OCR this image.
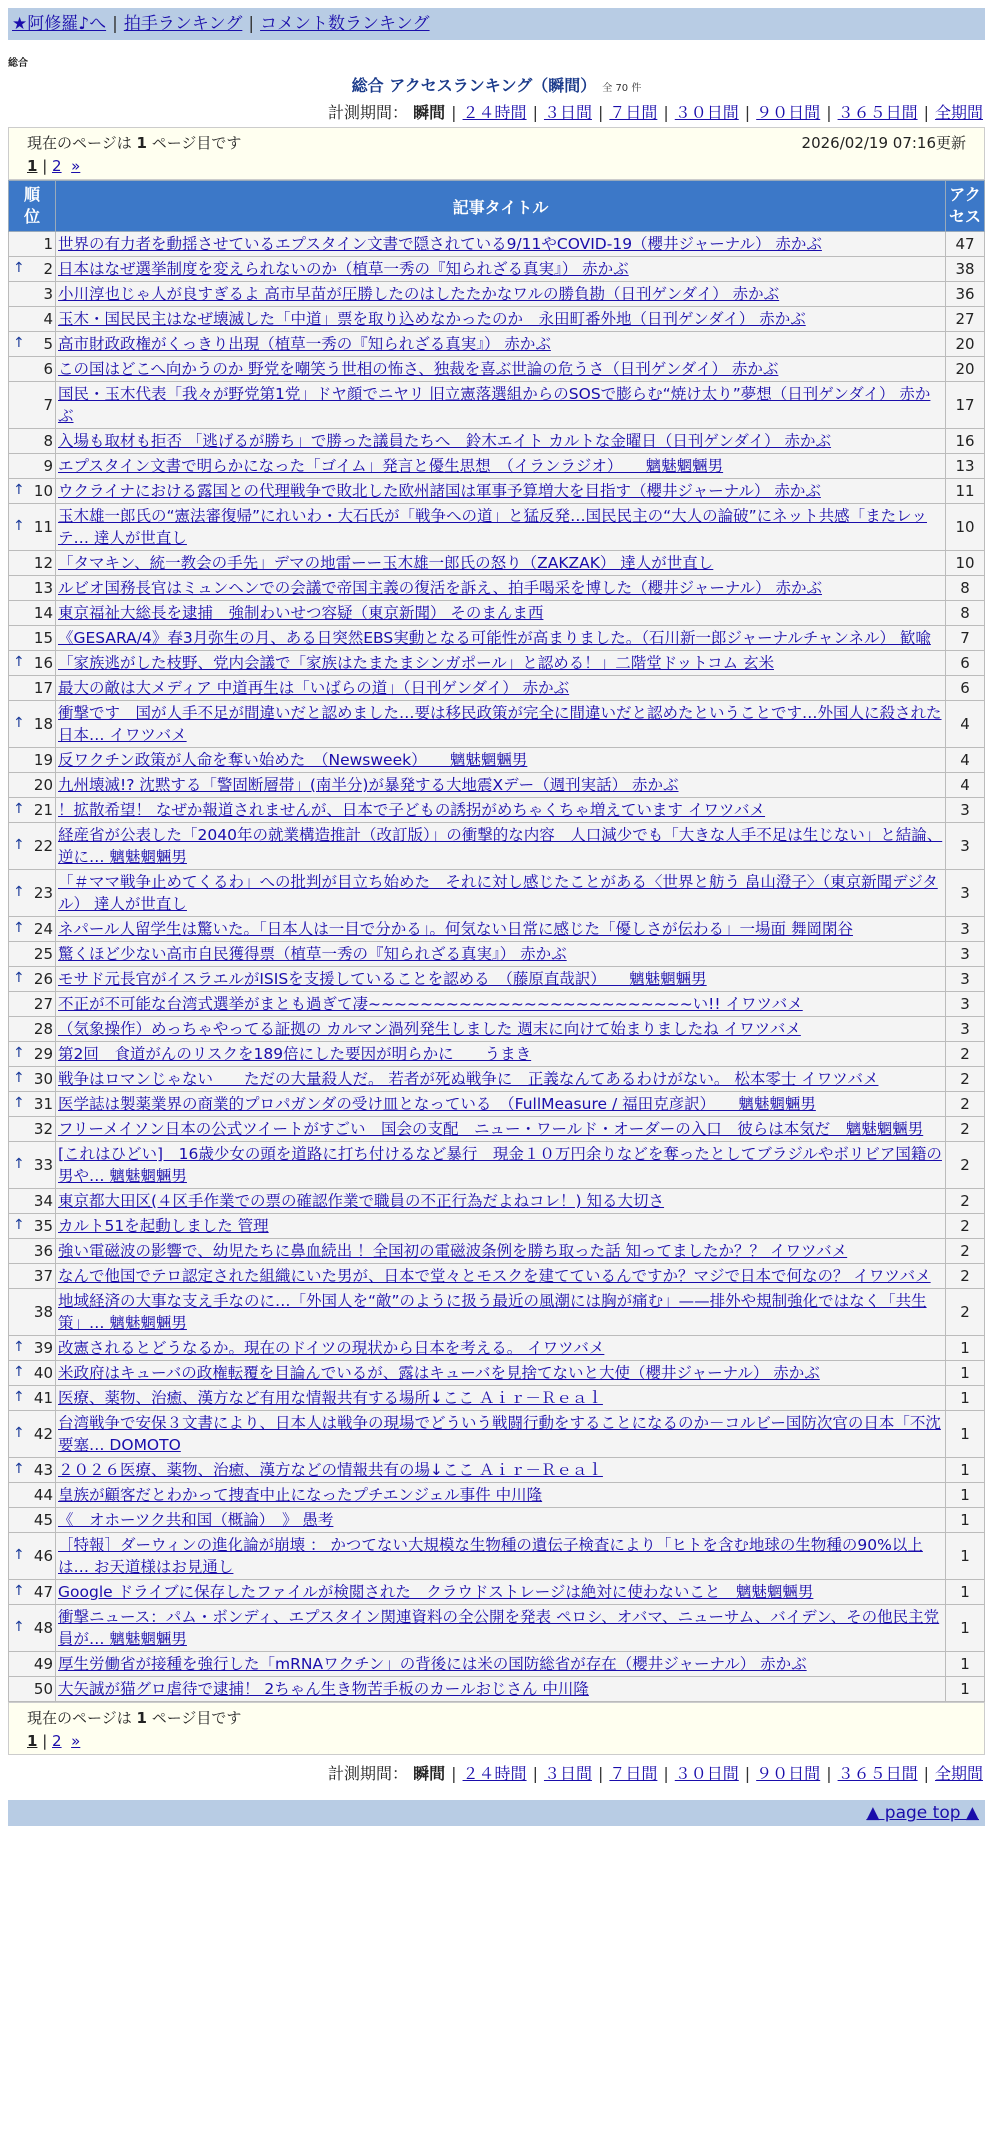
★阿修羅♪へ | 拍手ランキング | コメント数ランキング
総合
総合 アクセスランキング（瞬間） 全 70 件
計測期間： 瞬間 | ２４時間 | ３日間 | ７日間 | ３０日間 | ９０日間 | ３６５日間 | 全期間
現在のページは 1 ページ目です	2026/02/19 07:16更新
1 | 2 »
順位	記事タイトル	アクセス
1	世界の有力者を動揺させているエプスタイン文書で隠されている9/11やCOVID-19（櫻井ジャーナル） 赤かぶ	47

↑ 2	日本はなぜ選挙制度を変えられないのか（植草一秀の『知られざる真実』） 赤かぶ	38
3	小川淳也じゃ人が良すぎるよ 高市早苗が圧勝したのはしたたかなワルの勝負勘（日刊ゲンダイ） 赤かぶ	36
4	玉木・国民民主はなぜ壊滅した「中道」票を取り込めなかったのか　永田町番外地（日刊ゲンダイ） 赤かぶ	27

↑ 5	高市財政政権がくっきり出現（植草一秀の『知られざる真実』） 赤かぶ	20
6	この国はどこへ向かうのか 野党を嘲笑う世相の怖さ、独裁を喜ぶ世論の危うさ（日刊ゲンダイ） 赤かぶ	20
7	国民・玉木代表「我々が野党第1党」ドヤ顔でニヤリ 旧立憲落選組からのSOSで膨らむ“焼け太り”夢想（日刊ゲンダイ） 赤かぶ	17
8	入場も取材も拒否 「逃げるが勝ち」で勝った議員たちへ　鈴木エイト カルトな金曜日（日刊ゲンダイ） 赤かぶ	16
9	エプスタイン文書で明らかになった「ゴイム」発言と優生思想　（イランラジオ）　　魑魅魍魎男	13

↑ 10	ウクライナにおける露国との代理戦争で敗北した欧州諸国は軍事予算増大を目指す（櫻井ジャーナル） 赤かぶ	11

↑ 11	玉木雄一郎氏の“憲法審復帰”にれいわ・大石氏が「戦争への道」と猛反発…国民民主の“大人の論破”にネット共感「またレッテ… 達人が世直し	10
12	「タマキン、統一教会の手先」デマの地雷ーー玉木雄一郎氏の怒り（ZAKZAK） 達人が世直し	10
13	ルビオ国務長官はミュンヘンでの会議で帝国主義の復活を訴え、拍手喝采を博した（櫻井ジャーナル） 赤かぶ	8
14	東京福祉大総長を逮捕　強制わいせつ容疑（東京新聞） そのまんま西	8
15	《GESARA/4》春3月弥生の月、ある日突然EBS実動となる可能性が高まりました。（石川新一郎ジャーナルチャンネル） 歓喩	7

↑ 16	「家族逃がした枝野、党内会議で「家族はたまたまシンガポール」と認める！」二階堂ドットコム 玄米	6
17	最大の敵は大メディア 中道再生は「いばらの道」（日刊ゲンダイ） 赤かぶ	6

↑ 18	衝撃です　国が人手不足が間違いだと認めました…要は移民政策が完全に間違いだと認めたということです…外国人に殺された日本… イワツバメ	4
19	反ワクチン政策が人命を奪い始めた　（Newsweek）　　魑魅魍魎男	4
20	九州壊滅!? 沈黙する「警固断層帯」(南半分)が暴発する大地震Xデー（週刊実話） 赤かぶ	4

↑ 21	！拡散希望！ なぜか報道されませんが、日本で子どもの誘拐がめちゃくちゃ増えています イワツバメ	3

↑ 22	経産省が公表した「2040年の就業構造推計（改訂版）」の衝撃的な内容　人口減少でも「大きな人手不足は生じない」と結論、逆に… 魑魅魍魎男	3

↑ 23	「＃ママ戦争止めてくるわ」への批判が目立ち始めた　それに対し感じたことがある〈世界と舫う 畠山澄子〉（東京新聞デジタル） 達人が世直し	3

↑ 24	ネパール人留学生は驚いた。「日本人は一目で分かる」。何気ない日常に感じた「優しさが伝わる」一場面 舞岡閑谷	3
25	驚くほど少ない高市自民獲得票（植草一秀の『知られざる真実』） 赤かぶ	3

↑ 26	モサド元長官がイスラエルがISISを支援していることを認める　（藤原直哉訳）　　魑魅魍魎男	3
27	不正が不可能な台湾式選挙がまとも過ぎて凄~~~~~~~~~~~~~~~~~~~~~~~~~い!! イワツバメ	3
28	（気象操作）めっちゃやってる証拠の カルマン渦列発生しました 週末に向けて始まりましたね イワツバメ	3

↑ 29	第2回　食道がんのリスクを189倍にした要因が明らかに　　うまき	2

↑ 30	戦争はロマンじゃない　　ただの大量殺人だ。 若者が死ぬ戦争に　正義なんてあるわけがない。 松本零士 イワツバメ	2

↑ 31	医学誌は製薬業界の商業的プロパガンダの受け皿となっている　（FullMeasure / 福田克彦訳）　　魑魅魍魎男	2
32	フリーメイソン日本の公式ツイートがすごい　国会の支配　ニュー・ワールド・オーダーの入口　彼らは本気だ　魑魅魍魎男	2

↑ 33	[これはひどい]　16歳少女の頭を道路に打ち付けるなど暴行　現金１０万円余りなどを奪ったとしてブラジルやボリビア国籍の男や… 魑魅魍魎男	2
34	東京都大田区(４区手作業での票の確認作業で職員の不正行為だよねコレ！) 知る大切さ	2

↑ 35	カルト51を起動しました 管理	2
36	強い電磁波の影響で、幼児たちに鼻血続出 ！全国初の電磁波条例を勝ち取った話 知ってましたか？？ イワツバメ	2
37	なんで他国でテロ認定された組織にいた男が、日本で堂々とモスクを建てているんですか？マジで日本で何なの？ イワツバメ	2
38	地域経済の大事な支え手なのに…「外国人を“敵”のように扱う最近の風潮には胸が痛む」——排外や規制強化ではなく「共生策」… 魑魅魍魎男	2

↑ 39	改憲されるとどうなるか。現在のドイツの現状から日本を考える。 イワツバメ	1

↑ 40	米政府はキューバの政権転覆を目論んでいるが、露はキューバを見捨てないと大使（櫻井ジャーナル） 赤かぶ	1

↑ 41	医療、薬物、治癒、漢方など有用な情報共有する場所↓ここ Ａｉｒ－Ｒｅａｌ	1

↑ 42	台湾戦争で安保３文書により、日本人は戦争の現場でどういう戦闘行動をすることになるのか－コルビー国防次官の日本「不沈要塞… DOMOTO	1

↑ 43	２０２６医療、薬物、治癒、漢方などの情報共有の場↓ここ Ａｉｒ－Ｒｅａｌ	1
44	皇族が顧客だとわかって捜査中止になったプチエンジェル事件 中川隆	1
45	《　オホーツク共和国（概論）　》 愚考	1

↑ 46	［特報］ダーウィンの進化論が崩壊 ： かつてない大規模な生物種の遺伝子検査により「ヒトを含む地球の生物種の90%以上は… お天道様はお見通し	1

↑ 47	Google ドライブに保存したファイルが検閲された　クラウドストレージは絶対に使わないこと　魑魅魍魎男	1

↑ 48	衝撃ニュース：パム・ボンディ、エプスタイン関連資料の全公開を発表 ペロシ、オバマ、ニューサム、バイデン、その他民主党員が… 魑魅魍魎男	1
49	厚生労働省が接種を強行した「mRNAワクチン」の背後には米の国防総省が存在（櫻井ジャーナル） 赤かぶ	1
50	大矢誠が猫グロ虐待で逮捕！ 2ちゃん生き物苦手板のカールおじさん 中川隆	1
現在のページは 1 ページ目です
1 | 2 »
計測期間： 瞬間 | ２４時間 | ３日間 | ７日間 | ３０日間 | ９０日間 | ３６５日間 | 全期間
▲ page top ▲
